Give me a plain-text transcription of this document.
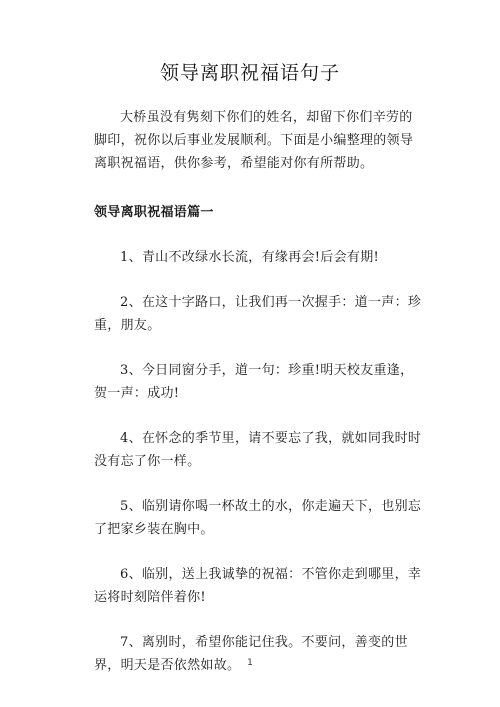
领导离职祝福语句子

大桥虽没有隽刻下你们的姓名，却留下你们辛劳的脚印，祝你以后事业发展顺利。下面是小编整理的领导离职祝福语，供你参考，希望能对你有所帮助。

领导离职祝福语篇一

1、青山不改绿水长流，有缘再会!后会有期!

2、在这十字路口，让我们再一次握手：道一声：珍重，朋友。

3、今日同窗分手，道一句：珍重!明天校友重逢，贺一声：成功!

4、在怀念的季节里，请不要忘了我，就如同我时时没有忘了你一样。

5、临别请你喝一杯故土的水，你走遍天下，也别忘了把家乡装在胸中。

6、临别，送上我诚挚的祝福：不管你走到哪里，幸运将时刻陪伴着你!

7、离别时，希望你能记住我。不要问，善变的世界，明天是否依然如故。 1
